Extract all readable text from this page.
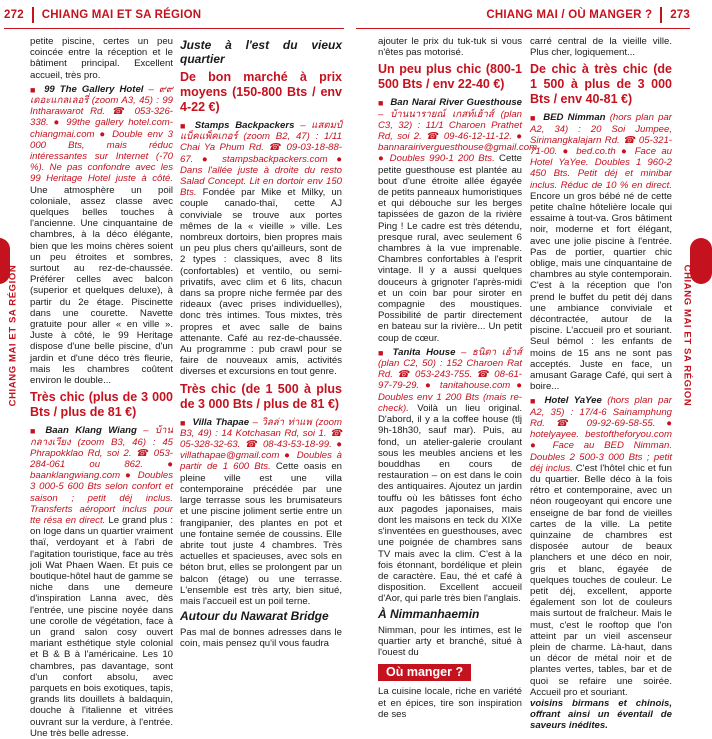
272 CHIANG MAI ET SA RÉGION	CHIANG MAI / OÙ MANGER ? 273
CHIANG MAI ET SA RÉGION	CHIANG MAI ET SA RÉGION

petite piscine, certes un peu coincée entre la réception et le bâtiment principal. Excellent accueil, très pro.

■ 99 The Gallery Hotel – ๙๙ เดอะแกลเลอรี่ (zoom A3, 45) : 99 Intharawarot Rd. ☎ 053-326-338. ● 99the gallery hotel.com-chiangmai.com ● Double env 3 000 Bts, mais réduc intéressantes sur Internet (-70 %). Ne pas confondre avec les 99 Heritage Hotel juste à côté. Une atmosphère un poil coloniale, assez classe avec quelques belles touches à l'ancienne. Une cinquantaine de chambres, à la déco élégante, bien que les moins chères soient un peu étroites et sombres, surtout au rez-de-chaussée. Préférer celles avec balcon (superior et quelques deluxe), à partir du 2e étage. Piscinette dans une courette. Navette gratuite pour aller « en ville ». Juste à côté, le 99 Heritage dispose d'une belle piscine, d'un jardin et d'une déco très fleurie, mais les chambres coûtent environ le double...

Très chic (plus de 3 000 Bts / plus de 81 €)

■ Baan Klang Wiang – บ้านกลางเวียง (zoom B3, 46) : 45 Phrapokklao Rd, soi 2. ☎ 053-284-061 ou 862. ● baanklangwiang.com ● Doubles 3 000-5 600 Bts selon confort et saison ; petit déj inclus. Transferts aéroport inclus pour tte résa en direct. Le grand plus : on loge dans un quartier vraiment thaï, verdoyant et à l'abri de l'agitation touristique, face au très joli Wat Phaen Waen. Et puis ce boutique-hôtel haut de gamme se niche dans une demeure d'inspiration Lanna avec, dès l'entrée, une piscine noyée dans une corolle de végétation, face à un grand salon cosy ouvert mariant esthétique style colonial et B & B à l'américaine. Les 10 chambres, pas davantage, sont d'un confort absolu, avec parquets en bois exotiques, tapis, grands lits douillets à baldaquin, douche à l'italienne et vitrées ouvrant sur la verdure, à l'entrée. Une très belle adresse.

Juste à l'est du vieux quartier
De bon marché à prix moyens (150-800 Bts / env 4-22 €)

■ Stamps Backpackers – แสตมป์ แบ็คแพ็คเกอร์ (zoom B2, 47) : 1/11 Chai Ya Phum Rd. ☎ 09-03-18-88-67. ● stampsbackpackers.com ● Dans l'allée juste à droite du resto Salad Concept. Lit en dortoir env 150 Bts. Fondée par Mike et Milky, un couple canado-thaï, cette AJ conviviale se trouve aux portes mêmes de la « vieille » ville. Les nombreux dortoirs, bien propres mais un peu plus chers qu'ailleurs, sont de 2 types : classiques, avec 8 lits (confortables) et ventilo, ou semi-privatifs, avec clim et 6 lits, chacun dans sa propre niche fermée par des rideaux (avec prises individuelles), donc très intimes. Tous mixtes, très propres et avec salle de bains attenante. Café au rez-de-chaussée. Au programme : pub crawl pour se faire de nouveaux amis, activités diverses et excursions en tout genre.

Très chic (de 1 500 à plus de 3 000 Bts / plus de 81 €)

■ Villa Thapae – วิลล่า ท่าแพ (zoom B3, 49) : 14 Kotchasan Rd, soi 1. ☎ 05-328-32-63. ☎ 08-43-53-18-99. ● villathapae@gmail.com ● Doubles à partir de 1 600 Bts. Cette oasis en pleine ville est une villa contemporaine précédée par une large terrasse sous les brumisateurs et une piscine joliment sertie entre un frangipanier, des plantes en pot et une fontaine semée de coussins. Elle abrite tout juste 4 chambres. Très actuelles et spacieuses, avec sols en béton brut, elles se prolongent par un balcon (étage) ou une terrasse. L'ensemble est très arty, bien situé, mais l'accueil est un poil terne.

Autour du Nawarat Bridge

Pas mal de bonnes adresses dans le coin, mais pensez qu'il vous faudra

ajouter le prix du tuk-tuk si vous n'êtes pas motorisé.

Un peu plus chic (800-1 500 Bts / env 22-40 €)

■ Ban Narai River Guesthouse – บ้านนารายณ์ เกสท์เฮ้าส์ (plan C3, 32) : 11/1 Charoen Prathet Rd, soi 2. ☎ 09-46-12-11-12. ● bannarairiverguesthouse@gmail.com ● Doubles 990-1 200 Bts. Cette petite guesthouse est plantée au bout d'une étroite allée égayée de petits panneaux humoristiques et qui débouche sur les berges tapissées de gazon de la rivière Ping ! Le cadre est très détendu, presque rural, avec seulement 6 chambres à la vue imprenable. Chambres confortables à l'esprit vintage. Il y a aussi quelques douceurs à grignoter l'après-midi et un coin bar pour siroter en compagnie des moustiques. Possibilité de partir directement en bateau sur la rivière... Un petit coup de cœur.

■ Tanita House – ธนิตา เฮ้าส์ (plan C2, 50) : 152 Charoen Rat Rd. ☎ 053-243-755. ☎ 08-61-97-79-29. ● tanitahouse.com ● Doubles env 1 200 Bts (mais re-check). Voilà un lieu original. D'abord, il y a la coffee house (tlj 9h-18h30, sauf mar). Puis, au fond, un atelier-galerie croulant sous les meubles anciens et les bouddhas en cours de restauration – on est dans le coin des antiquaires. Ajoutez un jardin touffu où les bâtisses font écho aux pagodes japonaises, mais dont les maisons en teck du XIXe s'inventées en guesthouses, avec une poignée de chambres sans TV mais avec la clim. C'est à la fois étonnant, bordélique et plein de caractère. Eau, thé et café à disposition. Excellent accueil d'Aor, qui parle très bien l'anglais.

À Nimmanhaemin

Nimman, pour les intimes, est le quartier arty et branché, situé à l'ouest du

Où manger ?

La cuisine locale, riche en variété et en épices, tire son inspiration de ses

carré central de la vieille ville. Plus cher, logiquement...

De chic à très chic (de 1 500 à plus de 3 000 Bts / env 40-81 €)

■ BED Nimman (hors plan par A2, 34) : 20 Soi Jumpee, Sirimangkalajarn Rd. ☎ 05-321-71-00. ● bed.co.th ● Face au Hotel YaYee. Doubles 1 960-2 450 Bts. Petit déj et minibar inclus. Réduc de 10 % en direct. Encore un gros bébé né de cette petite chaîne hôtelière locale qui essaime à tout-va. Gros bâtiment noir, moderne et fort élégant, avec une jolie piscine à l'entrée. Pas de portier, quartier chic oblige, mais une cinquantaine de chambres au style contemporain. C'est à la réception que l'on prend le buffet du petit déj dans une ambiance conviviale et décontractée, autour de la piscine. L'accueil pro et souriant. Seul bémol : les enfants de moins de 15 ans ne sont pas acceptés. Juste en face, un amusant Garage Café, qui sert à boire...

■ Hotel YaYee (hors plan par A2, 35) : 17/4-6 Sainamphung Rd. ☎ 09-92-69-58-55. ● hotelyayee. bestoftheforyou.com ● Face au BED Nimman. Doubles 2 500-3 000 Bts ; petit déj inclus. C'est l'hôtel chic et fun du quartier. Belle déco à la fois rétro et contemporaine, avec un néon rougeoyant qui encore une enseigne de bar fond de vieilles cartes de la ville. La petite quinzaine de chambres est disposée autour de beaux planchers et une déco en noir, gris et blanc, égayée de quelques touches de couleur. Le petit déj, excellent, apporte également son lot de couleurs mais surtout de fraîcheur. Mais le must, c'est le rooftop que l'on atteint par un vieil ascenseur plein de charme. Là-haut, dans un décor de métal noir et de plantes vertes, tables, bar et de quoi se refaire une soirée. Accueil pro et souriant.

voisins birmans et chinois, offrant ainsi un éventail de saveurs inédites.
